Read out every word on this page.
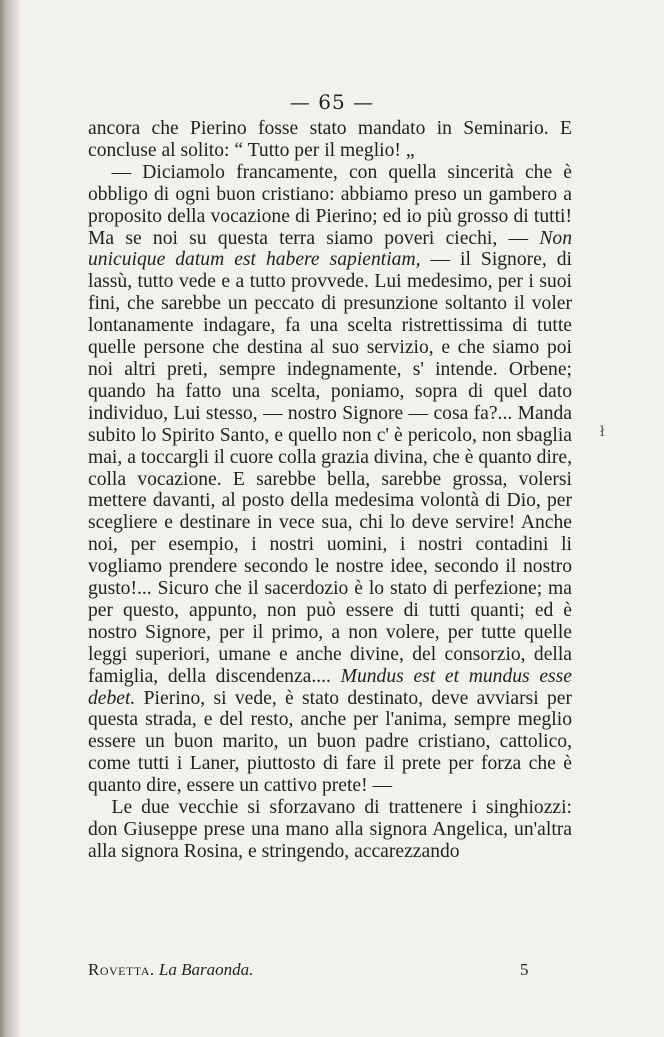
— 65 —
ł

ancora che Pierino fosse stato mandato in Seminario. E concluse al solito: “ Tutto per il meglio! „

— Diciamolo francamente, con quella sincerità che è obbligo di ogni buon cristiano: abbiamo preso un gambero a proposito della vocazione di Pierino; ed io più grosso di tutti! Ma se noi su questa terra siamo poveri ciechi, — Non unicuique datum est habere sapientiam, — il Signore, di lassù, tutto vede e a tutto provvede. Lui medesimo, per i suoi fini, che sarebbe un peccato di presunzione soltanto il voler lontanamente indagare, fa una scelta ristrettissima di tutte quelle persone che destina al suo servizio, e che siamo poi noi altri preti, sempre indegnamente, s' intende. Orbene; quando ha fatto una scelta, poniamo, sopra di quel dato individuo, Lui stesso, — nostro Signore — cosa fa?... Manda subito lo Spirito Santo, e quello non c' è pericolo, non sbaglia mai, a toccargli il cuore colla grazia divina, che è quanto dire, colla vocazione. E sarebbe bella, sarebbe grossa, volersi mettere davanti, al posto della medesima volontà di Dio, per scegliere e destinare in vece sua, chi lo deve servire! Anche noi, per esempio, i nostri uomini, i nostri contadini li vogliamo prendere secondo le nostre idee, secondo il nostro gusto!... Sicuro che il sacerdozio è lo stato di perfezione; ma per questo, appunto, non può essere di tutti quanti; ed è nostro Signore, per il primo, a non volere, per tutte quelle leggi superiori, umane e anche divine, del consorzio, della famiglia, della discendenza.... Mundus est et mundus esse debet. Pierino, si vede, è stato destinato, deve avviarsi per questa strada, e del resto, anche per l'anima, sempre meglio essere un buon marito, un buon padre cristiano, cattolico, come tutti i Laner, piuttosto di fare il prete per forza che è quanto dire, essere un cattivo prete! —

Le due vecchie si sforzavano di trattenere i singhiozzi: don Giuseppe prese una mano alla signora Angelica, un'altra alla signora Rosina, e stringendo, accarezzando

Rovetta. La Baraonda.	5
